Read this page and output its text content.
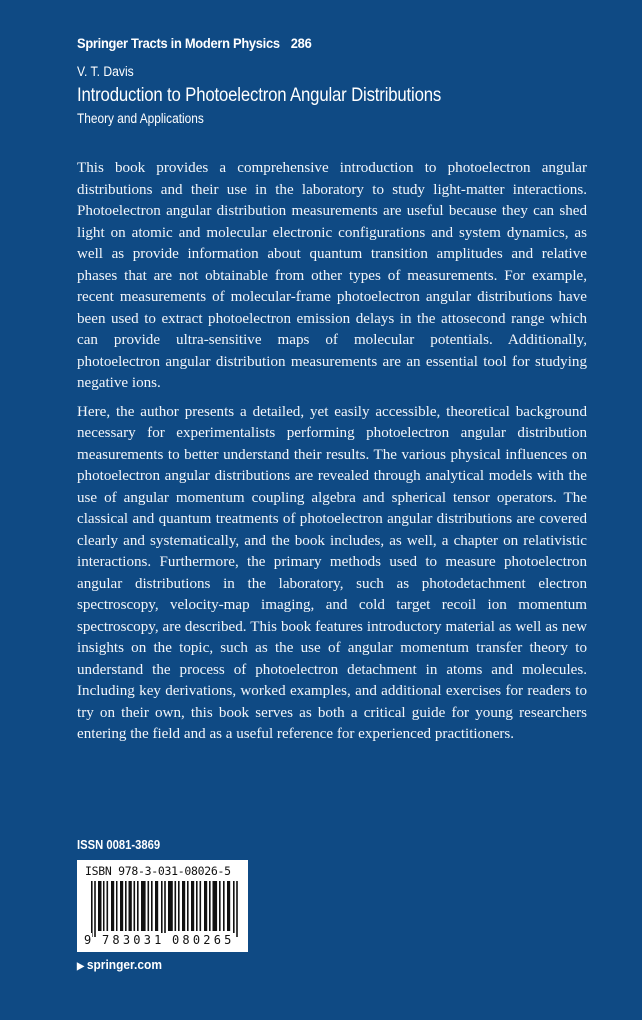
Springer Tracts in Modern Physics 286
V. T. Davis
Introduction to Photoelectron Angular Distributions
Theory and Applications

This book provides a comprehensive introduction to photoelectron angular distributions and their use in the laboratory to study light-matter interactions. Photoelectron angular distribution measurements are useful because they can shed light on atomic and molecular electronic configurations and system dynamics, as well as provide information about quantum transition amplitudes and relative phases that are not obtainable from other types of measurements. For example, recent measurements of molecular-frame photoelectron angular distributions have been used to extract photoelectron emission delays in the attosecond range which can provide ultra-sensitive maps of molecular potentials. Additionally, photoelectron angular distribution measurements are an essential tool for studying negative ions.

Here, the author presents a detailed, yet easily accessible, theoretical background necessary for experimentalists performing photoelectron angular distribution measurements to better understand their results. The various physical influences on photoelectron angular distributions are revealed through analytical models with the use of angular momentum coupling algebra and spherical tensor operators. The classical and quantum treatments of photoelectron angular distributions are covered clearly and systematically, and the book includes, as well, a chapter on relativistic interactions. Furthermore, the primary methods used to measure photoelectron angular distributions in the laboratory, such as photodetachment electron spectroscopy, velocity-map imaging, and cold target recoil ion momentum spectroscopy, are described. This book features introductory material as well as new insights on the topic, such as the use of angular momentum transfer theory to understand the process of photoelectron detachment in atoms and molecules. Including key derivations, worked examples, and additional exercises for readers to try on their own, this book serves as both a critical guide for young researchers entering the field and as a useful reference for experienced practitioners.

ISSN 0081-3869
ISBN 978-3-031-08026-5
9 783031 080265
▶ springer.com
